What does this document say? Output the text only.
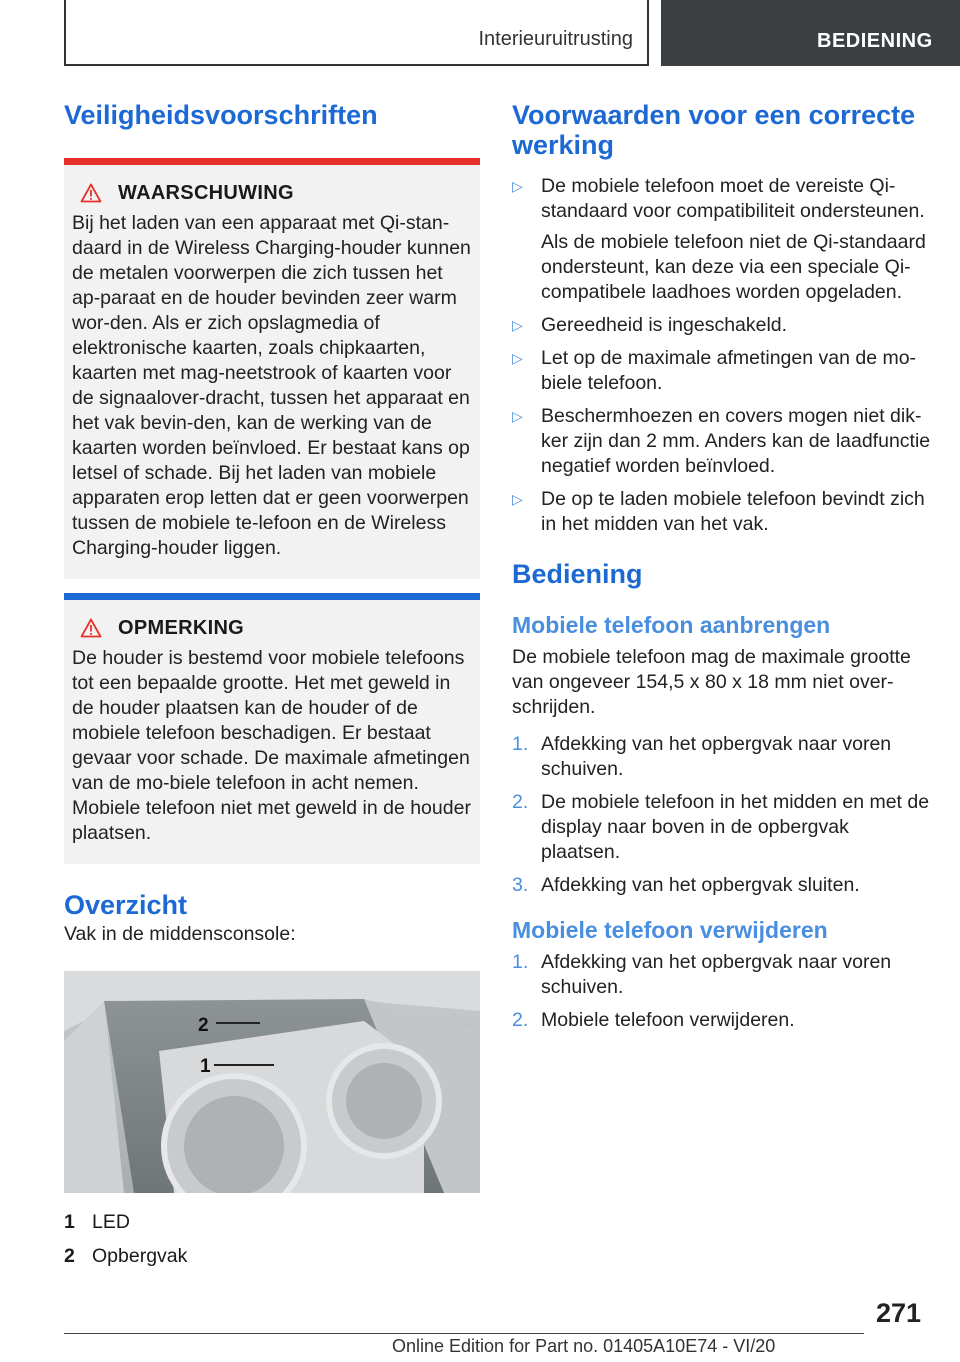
Interieuruitrusting	BEDIENING
Veiligheidsvoorschriften
WAARSCHUWING

Bij het laden van een apparaat met Qi-stan-daard in de Wireless Charging-houder kunnen de metalen voorwerpen die zich tussen het ap-paraat en de houder bevinden zeer warm wor-den. Als er zich opslagmedia of elektronische kaarten, zoals chipkaarten, kaarten met mag-neetstrook of kaarten voor de signaalover-dracht, tussen het apparaat en het vak bevin-den, kan de werking van de kaarten worden beïnvloed. Er bestaat kans op letsel of schade. Bij het laden van mobiele apparaten erop letten dat er geen voorwerpen tussen de mobiele te-lefoon en de Wireless Charging-houder liggen.

OPMERKING

De houder is bestemd voor mobiele telefoons tot een bepaalde grootte. Het met geweld in de houder plaatsen kan de houder of de mobiele telefoon beschadigen. Er bestaat gevaar voor schade. De maximale afmetingen van de mo-biele telefoon in acht nemen. Mobiele telefoon niet met geweld in de houder plaatsen.

Overzicht

Vak in de middensconsole:

2
1
1 LED
2 Opbergvak
Voorwaarden voor een correcte werking
▷ De mobiele telefoon moet de vereiste Qi-standaard voor compatibiliteit ondersteunen.
Als de mobiele telefoon niet de Qi-standaard ondersteunt, kan deze via een speciale Qi-compatibele laadhoes worden opgeladen.
▷ Gereedheid is ingeschakeld.
▷ Let op de maximale afmetingen van de mo-biele telefoon.
▷ Beschermhoezen en covers mogen niet dik-ker zijn dan 2 mm. Anders kan de laadfunctie negatief worden beïnvloed.
▷ De op te laden mobiele telefoon bevindt zich in het midden van het vak.
Bediening
Mobiele telefoon aanbrengen

De mobiele telefoon mag de maximale grootte van ongeveer 154,5 x 80 x 18 mm niet over-schrijden.

1. Afdekking van het opbergvak naar voren schuiven.
2. De mobiele telefoon in het midden en met de display naar boven in de opbergvak plaatsen.
3. Afdekking van het opbergvak sluiten.
Mobiele telefoon verwijderen
1. Afdekking van het opbergvak naar voren schuiven.
2. Mobiele telefoon verwijderen.
271
Online Edition for Part no. 01405A10E74 - VI/20
